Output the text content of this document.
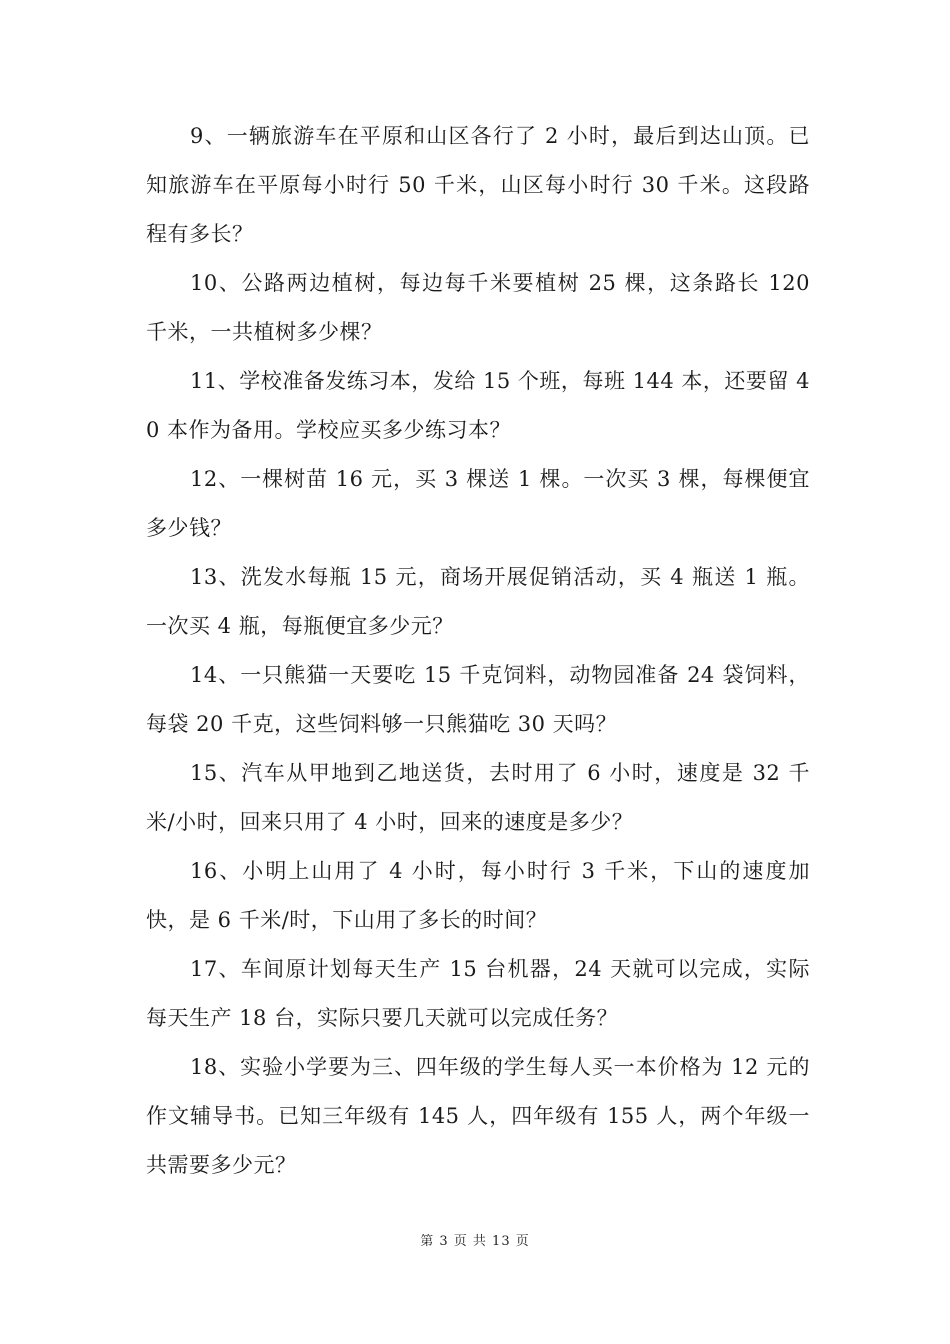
9、一辆旅游车在平原和山区各行了 2 小时，最后到达山顶。已知旅游车在平原每小时行 50 千米，山区每小时行 30 千米。这段路程有多长？

10、公路两边植树，每边每千米要植树 25 棵，这条路长 120 千米，一共植树多少棵？

11、学校准备发练习本，发给 15 个班，每班 144 本，还要留 40 本作为备用。学校应买多少练习本？

12、一棵树苗 16 元，买 3 棵送 1 棵。一次买 3 棵，每棵便宜多少钱？

13、洗发水每瓶 15 元，商场开展促销活动，买 4 瓶送 1 瓶。一次买 4 瓶，每瓶便宜多少元？

14、一只熊猫一天要吃 15 千克饲料，动物园准备 24 袋饲料，每袋 20 千克，这些饲料够一只熊猫吃 30 天吗？

15、汽车从甲地到乙地送货，去时用了 6 小时，速度是 32 千米/小时，回来只用了 4 小时，回来的速度是多少？

16、小明上山用了 4 小时，每小时行 3 千米，下山的速度加快，是 6 千米/时，下山用了多长的时间？

17、车间原计划每天生产 15 台机器，24 天就可以完成，实际每天生产 18 台，实际只要几天就可以完成任务？

18、实验小学要为三、四年级的学生每人买一本价格为 12 元的作文辅导书。已知三年级有 145 人，四年级有 155 人，两个年级一共需要多少元？

第 3 页 共 13 页
